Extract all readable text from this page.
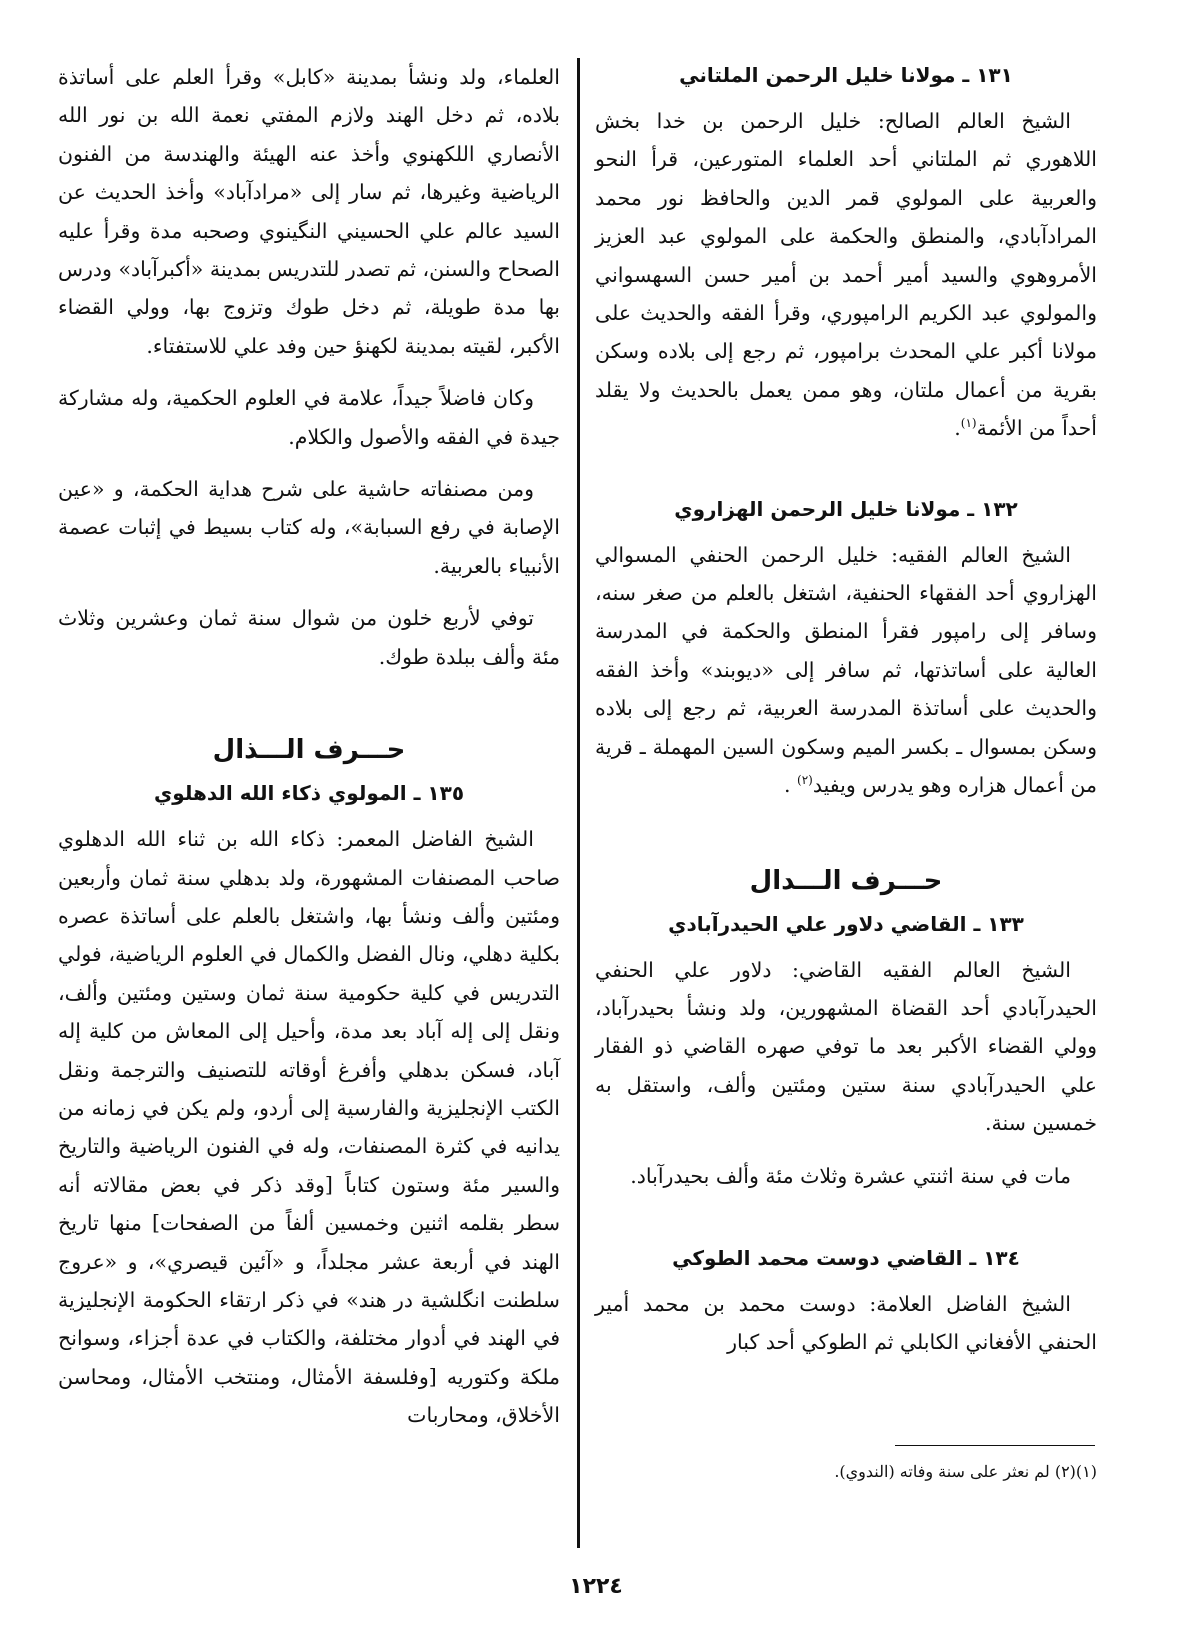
١٣١ ـ مولانا خليل الرحمن الملتاني

الشيخ العالم الصالح: خليل الرحمن بن خدا بخش اللاهوري ثم الملتاني أحد العلماء المتورعين، قرأ النحو والعربية على المولوي قمر الدين والحافظ نور محمد المرادآبادي، والمنطق والحكمة على المولوي عبد العزيز الأمروهوي والسيد أمير أحمد بن أمير حسن السهسواني والمولوي عبد الكريم الرامپوري، وقرأ الفقه والحديث على مولانا أكبر علي المحدث برامپور، ثم رجع إلى بلاده وسكن بقرية من أعمال ملتان، وهو ممن يعمل بالحديث ولا يقلد أحداً من الأئمة$^{(١)}$.

١٣٢ ـ مولانا خليل الرحمن الهزاروي

الشيخ العالم الفقيه: خليل الرحمن الحنفي المسوالي الهزاروي أحد الفقهاء الحنفية، اشتغل بالعلم من صغر سنه، وسافر إلى رامپور فقرأ المنطق والحكمة في المدرسة العالية على أساتذتها، ثم سافر إلى «ديوبند» وأخذ الفقه والحديث على أساتذة المدرسة العربية، ثم رجع إلى بلاده وسكن بمسوال ـ بكسر الميم وسكون السين المهملة ـ قرية من أعمال هزاره وهو يدرس ويفيد$^{(٢)}$ .

حـــرف الـــدال
١٣٣ ـ القاضي دلاور علي الحيدرآبادي

الشيخ العالم الفقيه القاضي: دلاور علي الحنفي الحيدرآبادي أحد القضاة المشهورين، ولد ونشأ بحيدرآباد، وولي القضاء الأكبر بعد ما توفي صهره القاضي ذو الفقار علي الحيدرآبادي سنة ستين ومئتين وألف، واستقل به خمسين سنة.

مات في سنة اثنتي عشرة وثلاث مئة وألف بحيدرآباد.

١٣٤ ـ القاضي دوست محمد الطوكي

الشيخ الفاضل العلامة: دوست محمد بن محمد أمير الحنفي الأفغاني الكابلي ثم الطوكي أحد كبار

العلماء، ولد ونشأ بمدينة «كابل» وقرأ العلم على أساتذة بلاده، ثم دخل الهند ولازم المفتي نعمة الله بن نور الله الأنصاري اللكهنوي وأخذ عنه الهيئة والهندسة من الفنون الرياضية وغيرها، ثم سار إلى «مرادآباد» وأخذ الحديث عن السيد عالم علي الحسيني النگينوي وصحبه مدة وقرأ عليه الصحاح والسنن، ثم تصدر للتدريس بمدينة «أكبرآباد» ودرس بها مدة طويلة، ثم دخل طوك وتزوج بها، وولي القضاء الأكبر، لقيته بمدينة لكهنؤ حين وفد علي للاستفتاء.

وكان فاضلاً جيداً، علامة في العلوم الحكمية، وله مشاركة جيدة في الفقه والأصول والكلام.

ومن مصنفاته حاشية على شرح هداية الحكمة، و «عين الإصابة في رفع السبابة»، وله كتاب بسيط في إثبات عصمة الأنبياء بالعربية.

توفي لأربع خلون من شوال سنة ثمان وعشرين وثلاث مئة وألف ببلدة طوك.

حـــرف الـــذال
١٣٥ ـ المولوي ذكاء الله الدهلوي

الشيخ الفاضل المعمر: ذكاء الله بن ثناء الله الدهلوي صاحب المصنفات المشهورة، ولد بدهلي سنة ثمان وأربعين ومئتين وألف ونشأ بها، واشتغل بالعلم على أساتذة عصره بكلية دهلي، ونال الفضل والكمال في العلوم الرياضية، فولي التدريس في كلية حكومية سنة ثمان وستين ومئتين وألف، ونقل إلى إله آباد بعد مدة، وأحيل إلى المعاش من كلية إله آباد، فسكن بدهلي وأفرغ أوقاته للتصنيف والترجمة ونقل الكتب الإنجليزية والفارسية إلى أردو، ولم يكن في زمانه من يدانيه في كثرة المصنفات، وله في الفنون الرياضية والتاريخ والسير مئة وستون كتاباً [وقد ذكر في بعض مقالاته أنه سطر بقلمه اثنين وخمسين ألفاً من الصفحات] منها تاريخ الهند في أربعة عشر مجلداً، و «آئين قيصري»، و «عروج سلطنت انگلشية در هند» في ذكر ارتقاء الحكومة الإنجليزية في الهند في أدوار مختلفة، والكتاب في عدة أجزاء، وسوانح ملكة وكتوريه [وفلسفة الأمثال، ومنتخب الأمثال، ومحاسن الأخلاق، ومحاربات

(١)(٢) لم نعثر على سنة وفاته (الندوي).
١٢٢٤
